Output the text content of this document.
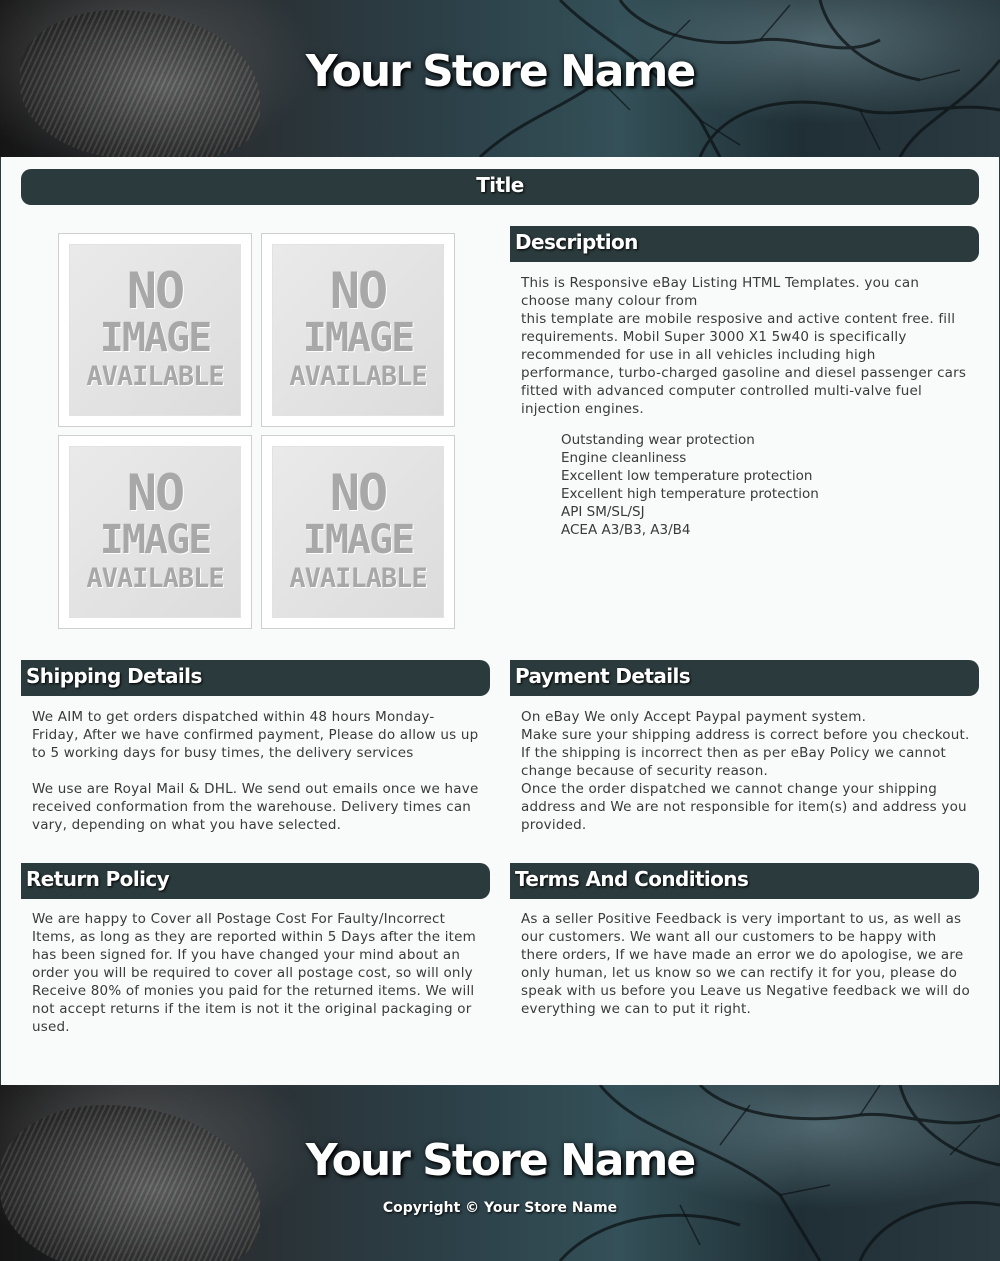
Your Store Name
Title
NO
IMAGE
AVAILABLE
NO
IMAGE
AVAILABLE
NO
IMAGE
AVAILABLE
NO
IMAGE
AVAILABLE
Description

This is Responsive eBay Listing HTML Templates. you can choose many colour from

this template are mobile resposive and active content free. fill requirements. Mobil Super 3000 X1 5w40 is specifically recommended for use in all vehicles including high performance, turbo-charged gasoline and diesel passenger cars fitted with advanced computer controlled multi-valve fuel injection engines.

Outstanding wear protection
Engine cleanliness
Excellent low temperature protection
Excellent high temperature protection
API SM/SL/SJ
ACEA A3/B3, A3/B4
Shipping Details

We AIM to get orders dispatched within 48 hours Monday-Friday, After we have confirmed payment, Please do allow us up to 5 working days for busy times, the delivery services

We use are Royal Mail & DHL. We send out emails once we have received conformation from the warehouse. Delivery times can vary, depending on what you have selected.

Payment Details

On eBay We only Accept Paypal payment system.

Make sure your shipping address is correct before you checkout. If the shipping is incorrect then as per eBay Policy we cannot change because of security reason.

Once the order dispatched we cannot change your shipping address and We are not responsible for item(s) and address you provided.

Return Policy

We are happy to Cover all Postage Cost For Faulty/Incorrect Items, as long as they are reported within 5 Days after the item has been signed for. If you have changed your mind about an order you will be required to cover all postage cost, so will only Receive 80% of monies you paid for the returned items. We will not accept returns if the item is not it the original packaging or used.

Terms And Conditions

As a seller Positive Feedback is very important to us, as well as our customers. We want all our customers to be happy with there orders, If we have made an error we do apologise, we are only human, let us know so we can rectify it for you, please do speak with us before you Leave us Negative feedback we will do everything we can to put it right.

Your Store Name
Copyright © Your Store Name
